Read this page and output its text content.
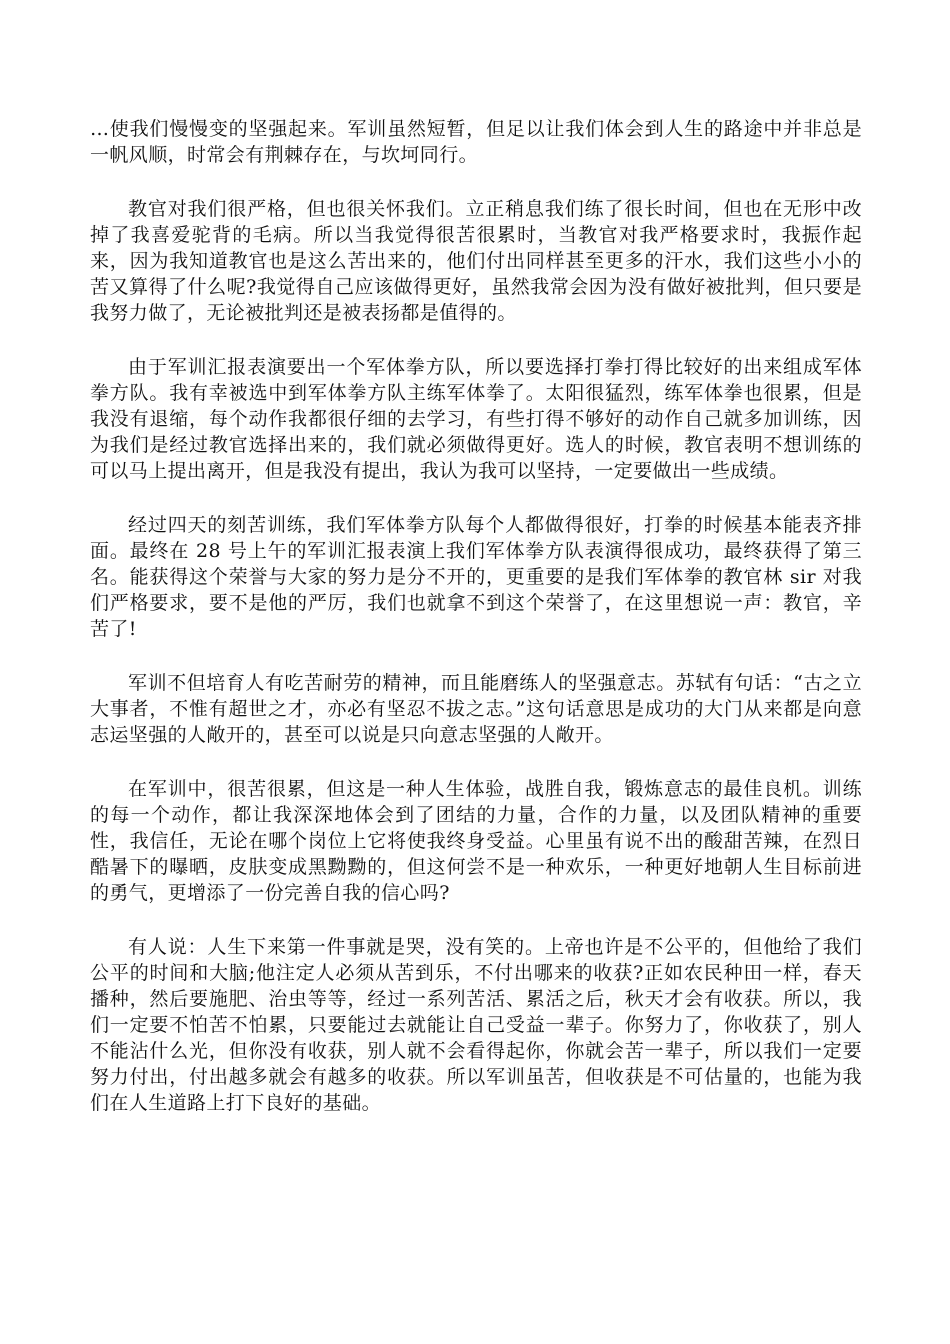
…使我们慢慢变的坚强起来。军训虽然短暂，但足以让我们体会到人生的路途中并非总是一帆风顺，时常会有荆棘存在，与坎坷同行。

教官对我们很严格，但也很关怀我们。立正稍息我们练了很长时间，但也在无形中改掉了我喜爱驼背的毛病。所以当我觉得很苦很累时，当教官对我严格要求时，我振作起来，因为我知道教官也是这么苦出来的，他们付出同样甚至更多的汗水，我们这些小小的苦又算得了什么呢?我觉得自己应该做得更好，虽然我常会因为没有做好被批判，但只要是我努力做了，无论被批判还是被表扬都是值得的。

由于军训汇报表演要出一个军体拳方队，所以要选择打拳打得比较好的出来组成军体拳方队。我有幸被选中到军体拳方队主练军体拳了。太阳很猛烈，练军体拳也很累，但是我没有退缩，每个动作我都很仔细的去学习，有些打得不够好的动作自己就多加训练，因为我们是经过教官选择出来的，我们就必须做得更好。选人的时候，教官表明不想训练的可以马上提出离开，但是我没有提出，我认为我可以坚持，一定要做出一些成绩。

经过四天的刻苦训练，我们军体拳方队每个人都做得很好，打拳的时候基本能表齐排面。最终在 28 号上午的军训汇报表演上我们军体拳方队表演得很成功，最终获得了第三名。能获得这个荣誉与大家的努力是分不开的，更重要的是我们军体拳的教官林 sir 对我们严格要求，要不是他的严厉，我们也就拿不到这个荣誉了，在这里想说一声：教官，辛苦了!

军训不但培育人有吃苦耐劳的精神，而且能磨练人的坚强意志。苏轼有句话：“古之立大事者，不惟有超世之才，亦必有坚忍不拔之志。”这句话意思是成功的大门从来都是向意志运坚强的人敞开的，甚至可以说是只向意志坚强的人敞开。

在军训中，很苦很累，但这是一种人生体验，战胜自我，锻炼意志的最佳良机。训练的每一个动作，都让我深深地体会到了团结的力量，合作的力量，以及团队精神的重要性，我信任，无论在哪个岗位上它将使我终身受益。心里虽有说不出的酸甜苦辣，在烈日酷暑下的曝晒，皮肤变成黑黝黝的，但这何尝不是一种欢乐，一种更好地朝人生目标前进的勇气，更增添了一份完善自我的信心吗?

有人说：人生下来第一件事就是哭，没有笑的。上帝也许是不公平的，但他给了我们公平的时间和大脑;他注定人必须从苦到乐，不付出哪来的收获?正如农民种田一样，春天播种，然后要施肥、治虫等等，经过一系列苦活、累活之后，秋天才会有收获。所以，我们一定要不怕苦不怕累，只要能过去就能让自己受益一辈子。你努力了，你收获了，别人不能沾什么光，但你没有收获，别人就不会看得起你，你就会苦一辈子，所以我们一定要努力付出，付出越多就会有越多的收获。所以军训虽苦，但收获是不可估量的，也能为我们在人生道路上打下良好的基础。
